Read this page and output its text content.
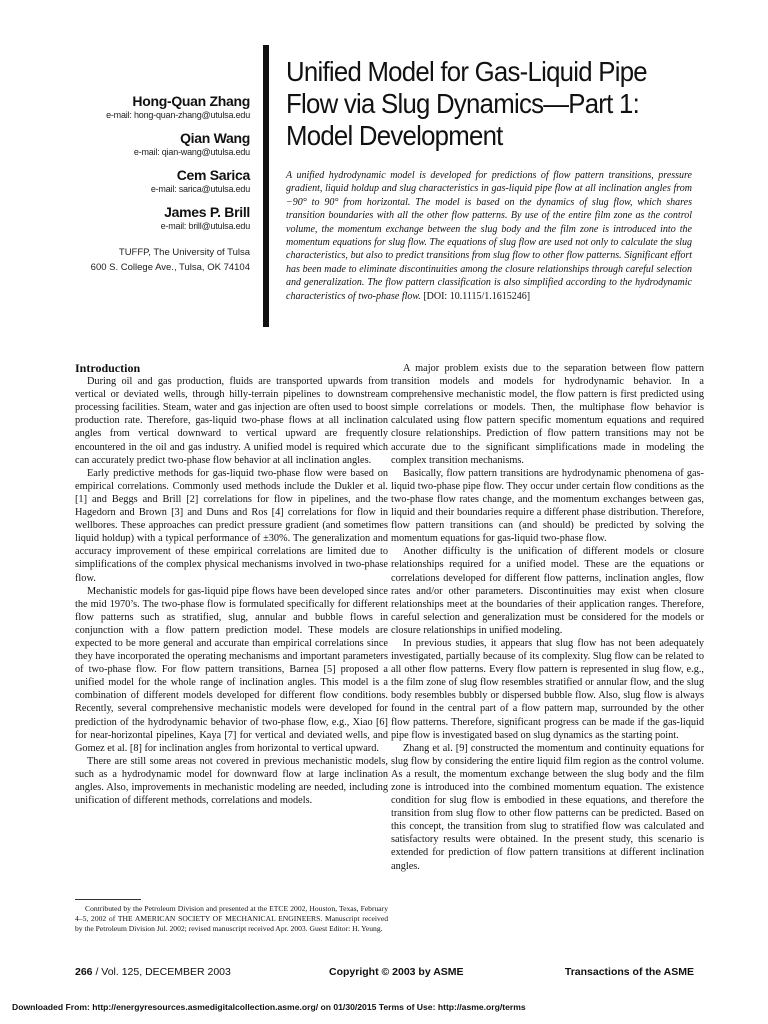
Hong-Quan Zhang

e-mail: hong-quan-zhang@utulsa.edu

Qian Wang

e-mail: qian-wang@utulsa.edu

Cem Sarica

e-mail: sarica@utulsa.edu

James P. Brill

e-mail: brill@utulsa.edu

TUFFP, The University of Tulsa
600 S. College Ave., Tulsa, OK 74104
Unified Model for Gas-Liquid Pipe Flow via Slug Dynamics—Part 1: Model Development

A unified hydrodynamic model is developed for predictions of flow pattern transitions, pressure gradient, liquid holdup and slug characteristics in gas-liquid pipe flow at all inclination angles from −90° to 90° from horizontal. The model is based on the dynamics of slug flow, which shares transition boundaries with all the other flow patterns. By use of the entire film zone as the control volume, the momentum exchange between the slug body and the film zone is introduced into the momentum equations for slug flow. The equations of slug flow are used not only to calculate the slug characteristics, but also to predict transitions from slug flow to other flow patterns. Significant effort has been made to eliminate discontinuities among the closure relationships through careful selection and generalization. The flow pattern classification is also simplified according to the hydrodynamic characteristics of two-phase flow. [DOI: 10.1115/1.1615246]

Introduction

During oil and gas production, fluids are transported upwards from vertical or deviated wells, through hilly-terrain pipelines to downstream processing facilities. Steam, water and gas injection are often used to boost production rate. Therefore, gas-liquid two-phase flows at all inclination angles from vertical downward to vertical upward are frequently encountered in the oil and gas industry. A unified model is required which can accurately predict two-phase flow behavior at all inclination angles.

Early predictive methods for gas-liquid two-phase flow were based on empirical correlations. Commonly used methods include the Dukler et al. [1] and Beggs and Brill [2] correlations for flow in pipelines, and the Hagedorn and Brown [3] and Duns and Ros [4] correlations for flow in wellbores. These approaches can predict pressure gradient (and sometimes liquid holdup) with a typical performance of ±30%. The generalization and accuracy improvement of these empirical correlations are limited due to simplifications of the complex physical mechanisms involved in two-phase flow.

Mechanistic models for gas-liquid pipe flows have been developed since the mid 1970’s. The two-phase flow is formulated specifically for different flow patterns such as stratified, slug, annular and bubble flows in conjunction with a flow pattern prediction model. These models are expected to be more general and accurate than empirical correlations since they have incorporated the operating mechanisms and important parameters of two-phase flow. For flow pattern transitions, Barnea [5] proposed a unified model for the whole range of inclination angles. This model is a combination of different models developed for different flow conditions. Recently, several comprehensive mechanistic models were developed for prediction of the hydrodynamic behavior of two-phase flow, e.g., Xiao [6] for near-horizontal pipelines, Kaya [7] for vertical and deviated wells, and Gomez et al. [8] for inclination angles from horizontal to vertical upward.

There are still some areas not covered in previous mechanistic models, such as a hydrodynamic model for downward flow at large inclination angles. Also, improvements in mechanistic modeling are needed, including unification of different methods, correlations and models.

A major problem exists due to the separation between flow pattern transition models and models for hydrodynamic behavior. In a comprehensive mechanistic model, the flow pattern is first predicted using simple correlations or models. Then, the multiphase flow behavior is calculated using flow pattern specific momentum equations and required closure relationships. Prediction of flow pattern transitions may not be accurate due to the significant simplifications made in modeling the complex transition mechanisms.

Basically, flow pattern transitions are hydrodynamic phenomena of gas-liquid two-phase pipe flow. They occur under certain flow conditions as the two-phase flow rates change, and the momentum exchanges between gas, liquid and their boundaries require a different phase distribution. Therefore, flow pattern transitions can (and should) be predicted by solving the momentum equations for gas-liquid two-phase flow.

Another difficulty is the unification of different models or closure relationships required for a unified model. These are the equations or correlations developed for different flow patterns, inclination angles, flow rates and/or other parameters. Discontinuities may exist when closure relationships meet at the boundaries of their application ranges. Therefore, careful selection and generalization must be considered for the models or closure relationships in unified modeling.

In previous studies, it appears that slug flow has not been adequately investigated, partially because of its complexity. Slug flow can be related to all other flow patterns. Every flow pattern is represented in slug flow, e.g., the film zone of slug flow resembles stratified or annular flow, and the slug body resembles bubbly or dispersed bubble flow. Also, slug flow is always found in the central part of a flow pattern map, surrounded by the other flow patterns. Therefore, significant progress can be made if the gas-liquid pipe flow is investigated based on slug dynamics as the starting point.

Zhang et al. [9] constructed the momentum and continuity equations for slug flow by considering the entire liquid film region as the control volume. As a result, the momentum exchange between the slug body and the film zone is introduced into the combined momentum equation. The existence condition for slug flow is embodied in these equations, and therefore the transition from slug flow to other flow patterns can be predicted. Based on this concept, the transition from slug to stratified flow was calculated and satisfactory results were obtained. In the present study, this scenario is extended for prediction of flow pattern transitions at different inclination angles.

Contributed by the Petroleum Division and presented at the ETCE 2002, Houston, Texas, February 4–5, 2002 of THE AMERICAN SOCIETY OF MECHANICAL ENGINEERS. Manuscript received by the Petroleum Division Jul. 2002; revised manuscript received Apr. 2003. Guest Editor: H. Yeung.

266 / Vol. 125, DECEMBER 2003	Copyright © 2003 by ASME	Transactions of the ASME
Downloaded From: http://energyresources.asmedigitalcollection.asme.org/ on 01/30/2015 Terms of Use: http://asme.org/terms
